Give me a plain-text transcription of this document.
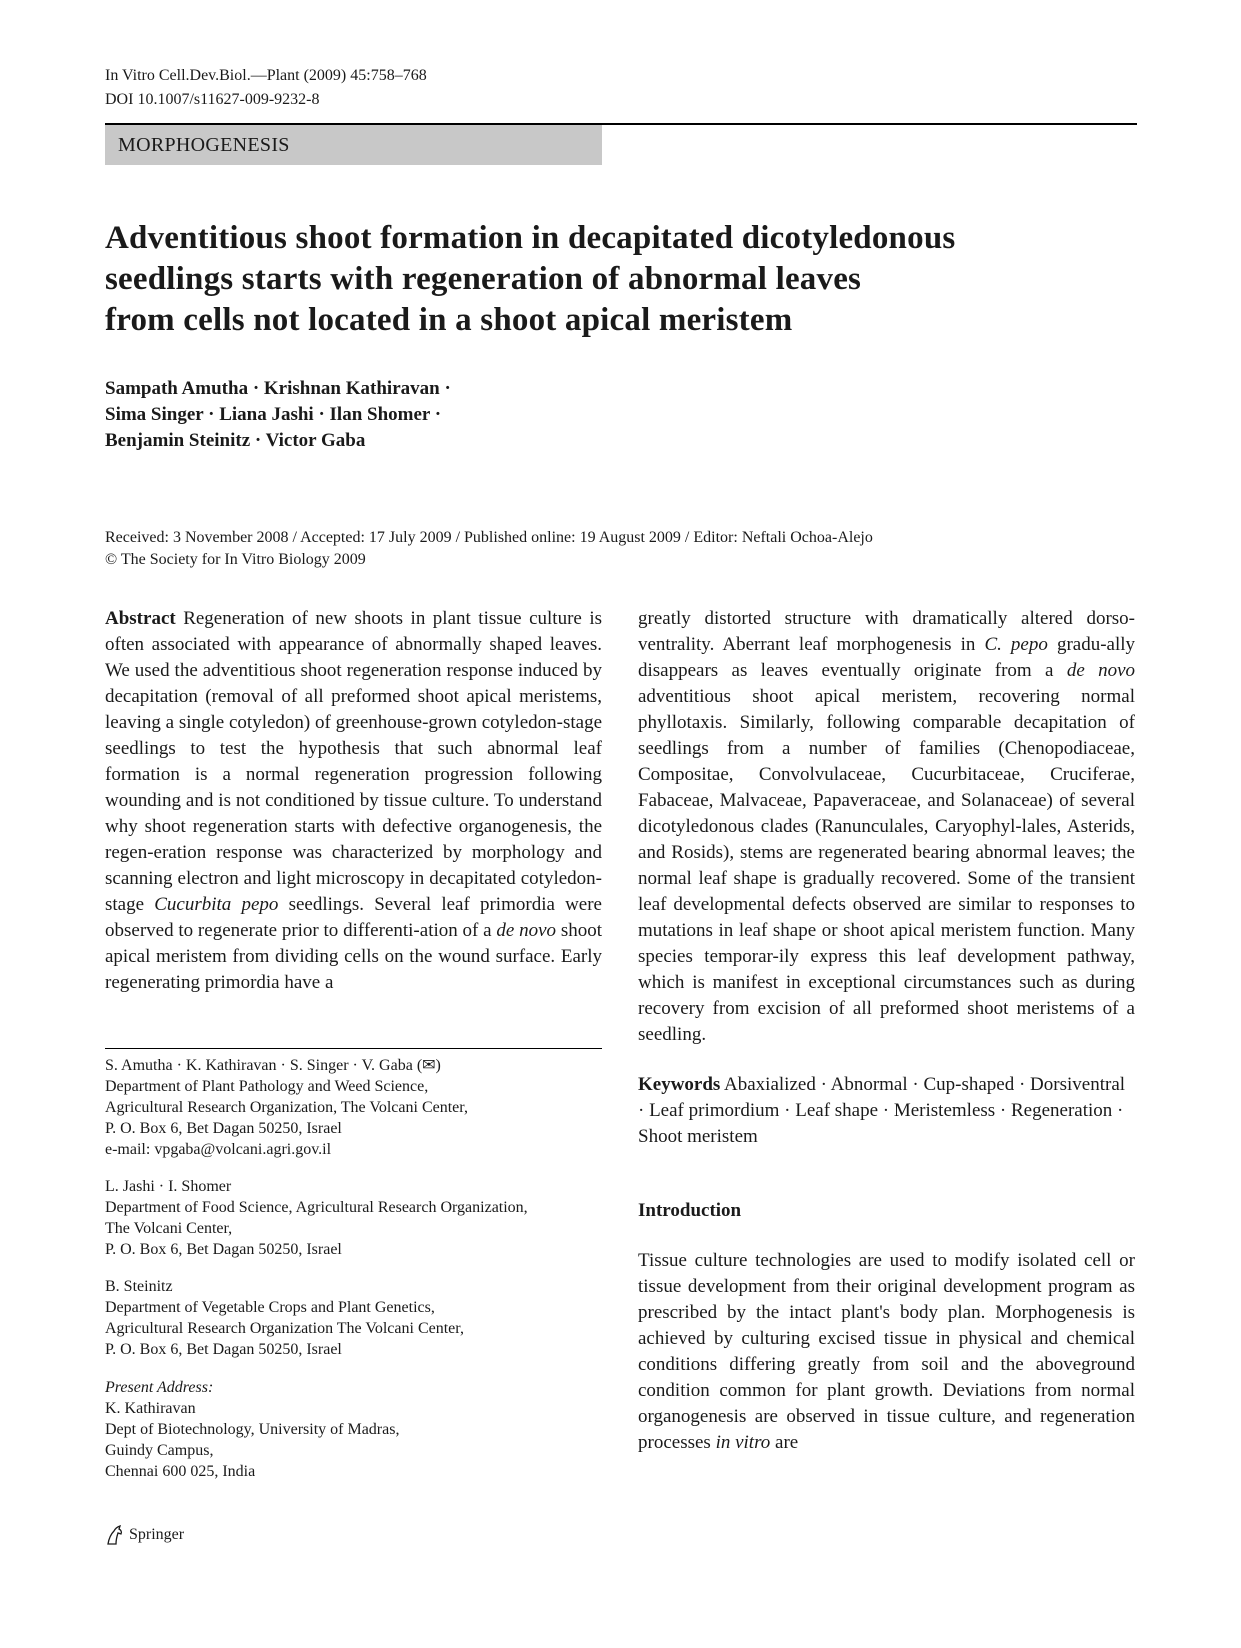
In Vitro Cell.Dev.Biol.—Plant (2009) 45:758–768
DOI 10.1007/s11627-009-9232-8
MORPHOGENESIS
Adventitious shoot formation in decapitated dicotyledonous
seedlings starts with regeneration of abnormal leaves
from cells not located in a shoot apical meristem
Sampath Amutha · Krishnan Kathiravan ·
Sima Singer · Liana Jashi · Ilan Shomer ·
Benjamin Steinitz · Victor Gaba
Received: 3 November 2008 / Accepted: 17 July 2009 / Published online: 19 August 2009 / Editor: Neftali Ochoa-Alejo
© The Society for In Vitro Biology 2009

Abstract Regeneration of new shoots in plant tissue culture is often associated with appearance of abnormally shaped leaves. We used the adventitious shoot regeneration response induced by decapitation (removal of all preformed shoot apical meristems, leaving a single cotyledon) of greenhouse-grown cotyledon-stage seedlings to test the hypothesis that such abnormal leaf formation is a normal regeneration progression following wounding and is not conditioned by tissue culture. To understand why shoot regeneration starts with defective organogenesis, the regen-eration response was characterized by morphology and scanning electron and light microscopy in decapitated cotyledon-stage Cucurbita pepo seedlings. Several leaf primordia were observed to regenerate prior to differenti-ation of a de novo shoot apical meristem from dividing cells on the wound surface. Early regenerating primordia have a

greatly distorted structure with dramatically altered dorso-ventrality. Aberrant leaf morphogenesis in C. pepo gradu-ally disappears as leaves eventually originate from a de novo adventitious shoot apical meristem, recovering normal phyllotaxis. Similarly, following comparable decapitation of seedlings from a number of families (Chenopodiaceae, Compositae, Convolvulaceae, Cucurbitaceae, Cruciferae, Fabaceae, Malvaceae, Papaveraceae, and Solanaceae) of several dicotyledonous clades (Ranunculales, Caryophyl-lales, Asterids, and Rosids), stems are regenerated bearing abnormal leaves; the normal leaf shape is gradually recovered. Some of the transient leaf developmental defects observed are similar to responses to mutations in leaf shape or shoot apical meristem function. Many species temporar-ily express this leaf development pathway, which is manifest in exceptional circumstances such as during recovery from excision of all preformed shoot meristems of a seedling.

Keywords Abaxialized · Abnormal · Cup-shaped · Dorsiventral · Leaf primordium · Leaf shape · Meristemless · Regeneration · Shoot meristem

Introduction

Tissue culture technologies are used to modify isolated cell or tissue development from their original development program as prescribed by the intact plant's body plan. Morphogenesis is achieved by culturing excised tissue in physical and chemical conditions differing greatly from soil and the aboveground condition common for plant growth. Deviations from normal organogenesis are observed in tissue culture, and regeneration processes in vitro are

S. Amutha · K. Kathiravan · S. Singer · V. Gaba (✉)
Department of Plant Pathology and Weed Science,
Agricultural Research Organization, The Volcani Center,
P. O. Box 6, Bet Dagan 50250, Israel
e-mail: vpgaba@volcani.agri.gov.il
L. Jashi · I. Shomer
Department of Food Science, Agricultural Research Organization,
The Volcani Center,
P. O. Box 6, Bet Dagan 50250, Israel
B. Steinitz
Department of Vegetable Crops and Plant Genetics,
Agricultural Research Organization The Volcani Center,
P. O. Box 6, Bet Dagan 50250, Israel
Present Address:
K. Kathiravan
Dept of Biotechnology, University of Madras,
Guindy Campus,
Chennai 600 025, India
Springer
